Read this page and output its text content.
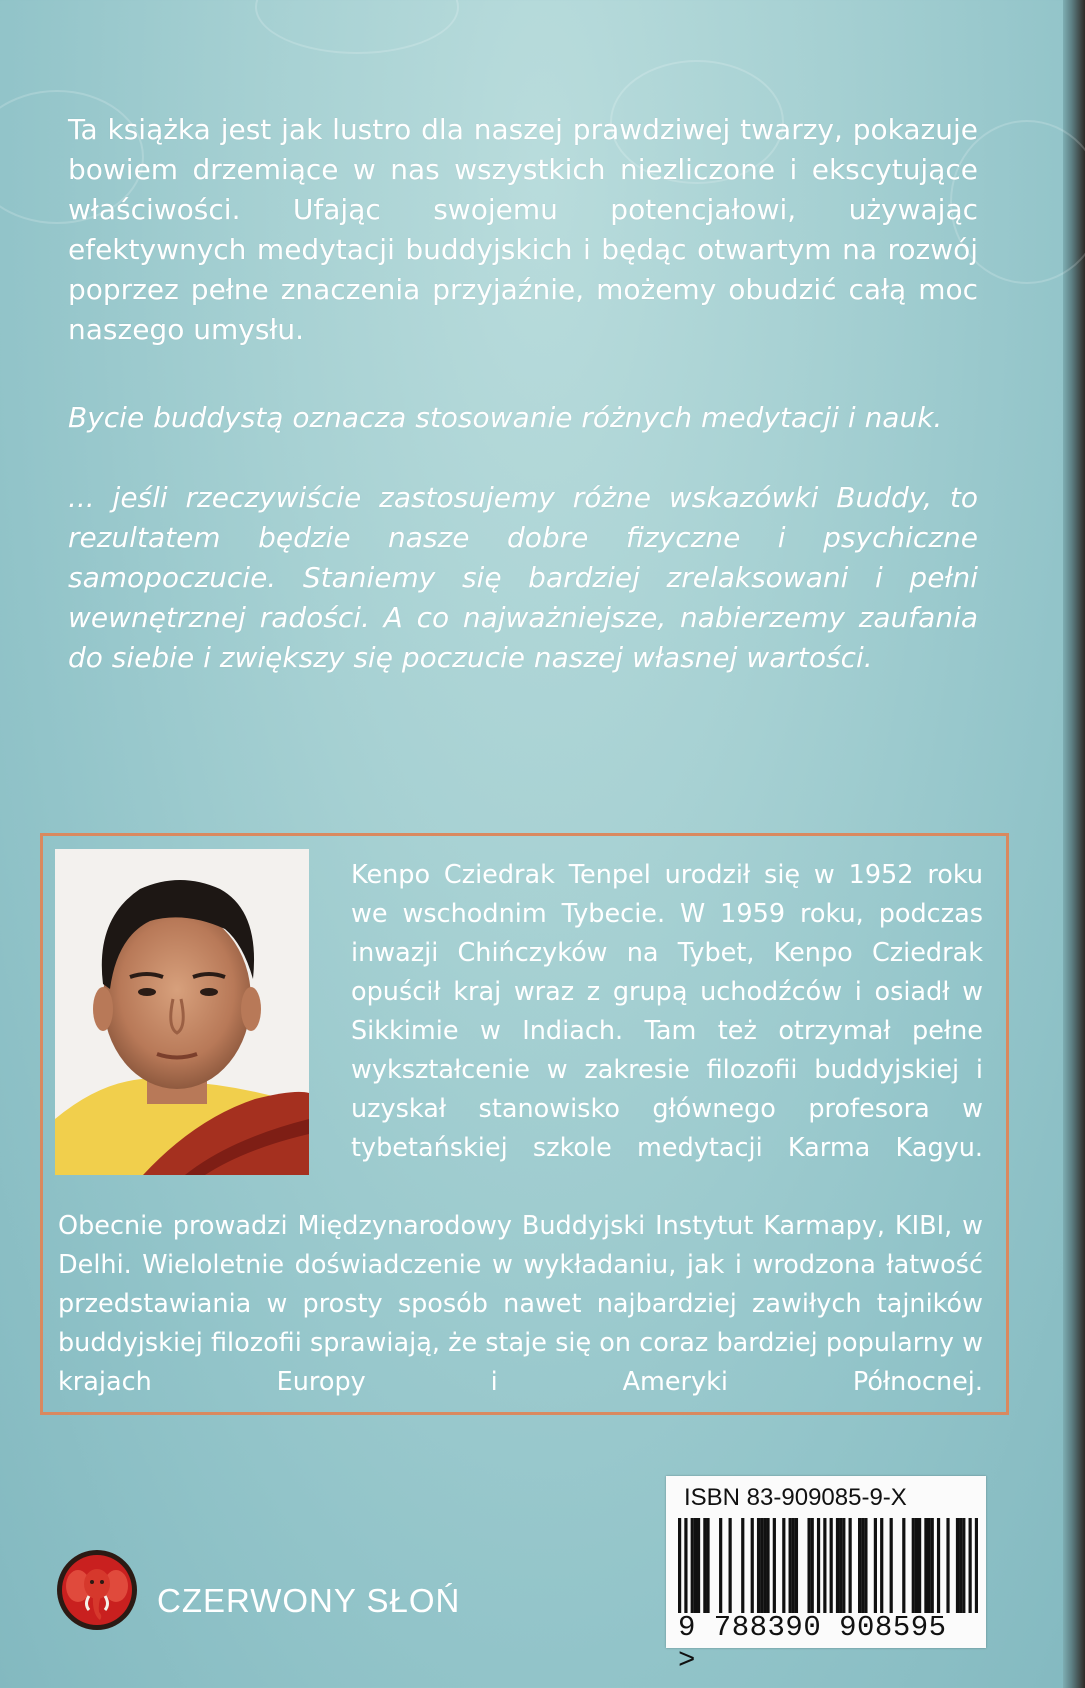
Ta książka jest jak lustro dla naszej prawdziwej twarzy, pokazuje bowiem drzemiące w nas wszystkich niezliczone i ekscytujące właściwości. Ufając swojemu potencjałowi, używając efektywnych medytacji buddyjskich i będąc otwartym na rozwój poprzez pełne znaczenia przyjaźnie, możemy obudzić całą moc naszego umysłu.
Bycie buddystą oznacza stosowanie różnych medytacji i nauk.
... jeśli rzeczywiście zastosujemy różne wskazówki Buddy, to rezultatem będzie nasze dobre fizyczne i psychiczne samopoczucie. Staniemy się bardziej zrelaksowani i pełni wewnętrznej radości. A co najważniejsze, nabierzemy zaufania do siebie i zwiększy się poczucie naszej własnej wartości.
Kenpo Cziedrak Tenpel urodził się w 1952 roku we wschodnim Tybecie. W 1959 roku, podczas inwazji Chińczyków na Tybet, Kenpo Cziedrak opuścił kraj wraz z grupą uchodźców i osiadł w Sikkimie w Indiach. Tam też otrzymał pełne wykształcenie w zakresie filozofii buddyjskiej i uzyskał stanowisko głównego profesora w tybetańskiej szkole medytacji Karma Kagyu.
Obecnie prowadzi Międzynarodowy Buddyjski Instytut Karmapy, KIBI, w Delhi. Wieloletnie doświadczenie w wykładaniu, jak i wrodzona łatwość przedstawiania w prosty sposób nawet najbardziej zawiłych tajników buddyjskiej filozofii sprawiają, że staje się on coraz bardziej popularny w krajach Europy i Ameryki Północnej.
ISBN 83-909085-9-X
9 788390 908595 >
CZERWONY SŁOŃ
